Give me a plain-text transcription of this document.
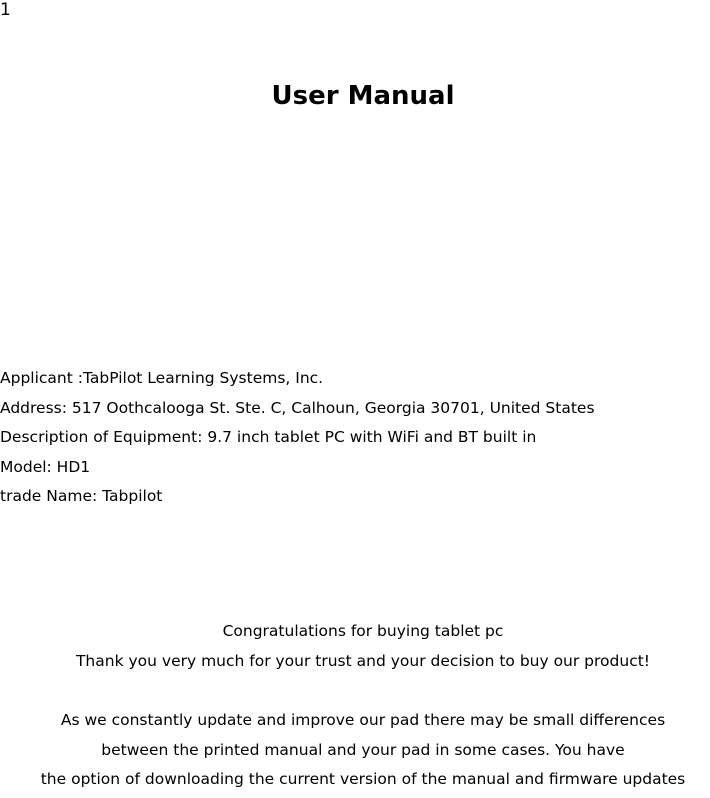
1
User Manual
Applicant :TabPilot Learning Systems, Inc.
Address: 517 Oothcalooga St. Ste. C, Calhoun, Georgia 30701, United States
Description of Equipment: 9.7 inch tablet PC with WiFi and BT built in
Model: HD1
trade Name: Tabpilot
Congratulations for buying tablet pc
Thank you very much for your trust and your decision to buy our product!
As we constantly update and improve our pad there may be small differences
between the printed manual and your pad in some cases. You have
the option of downloading the current version of the manual and firmware updates
